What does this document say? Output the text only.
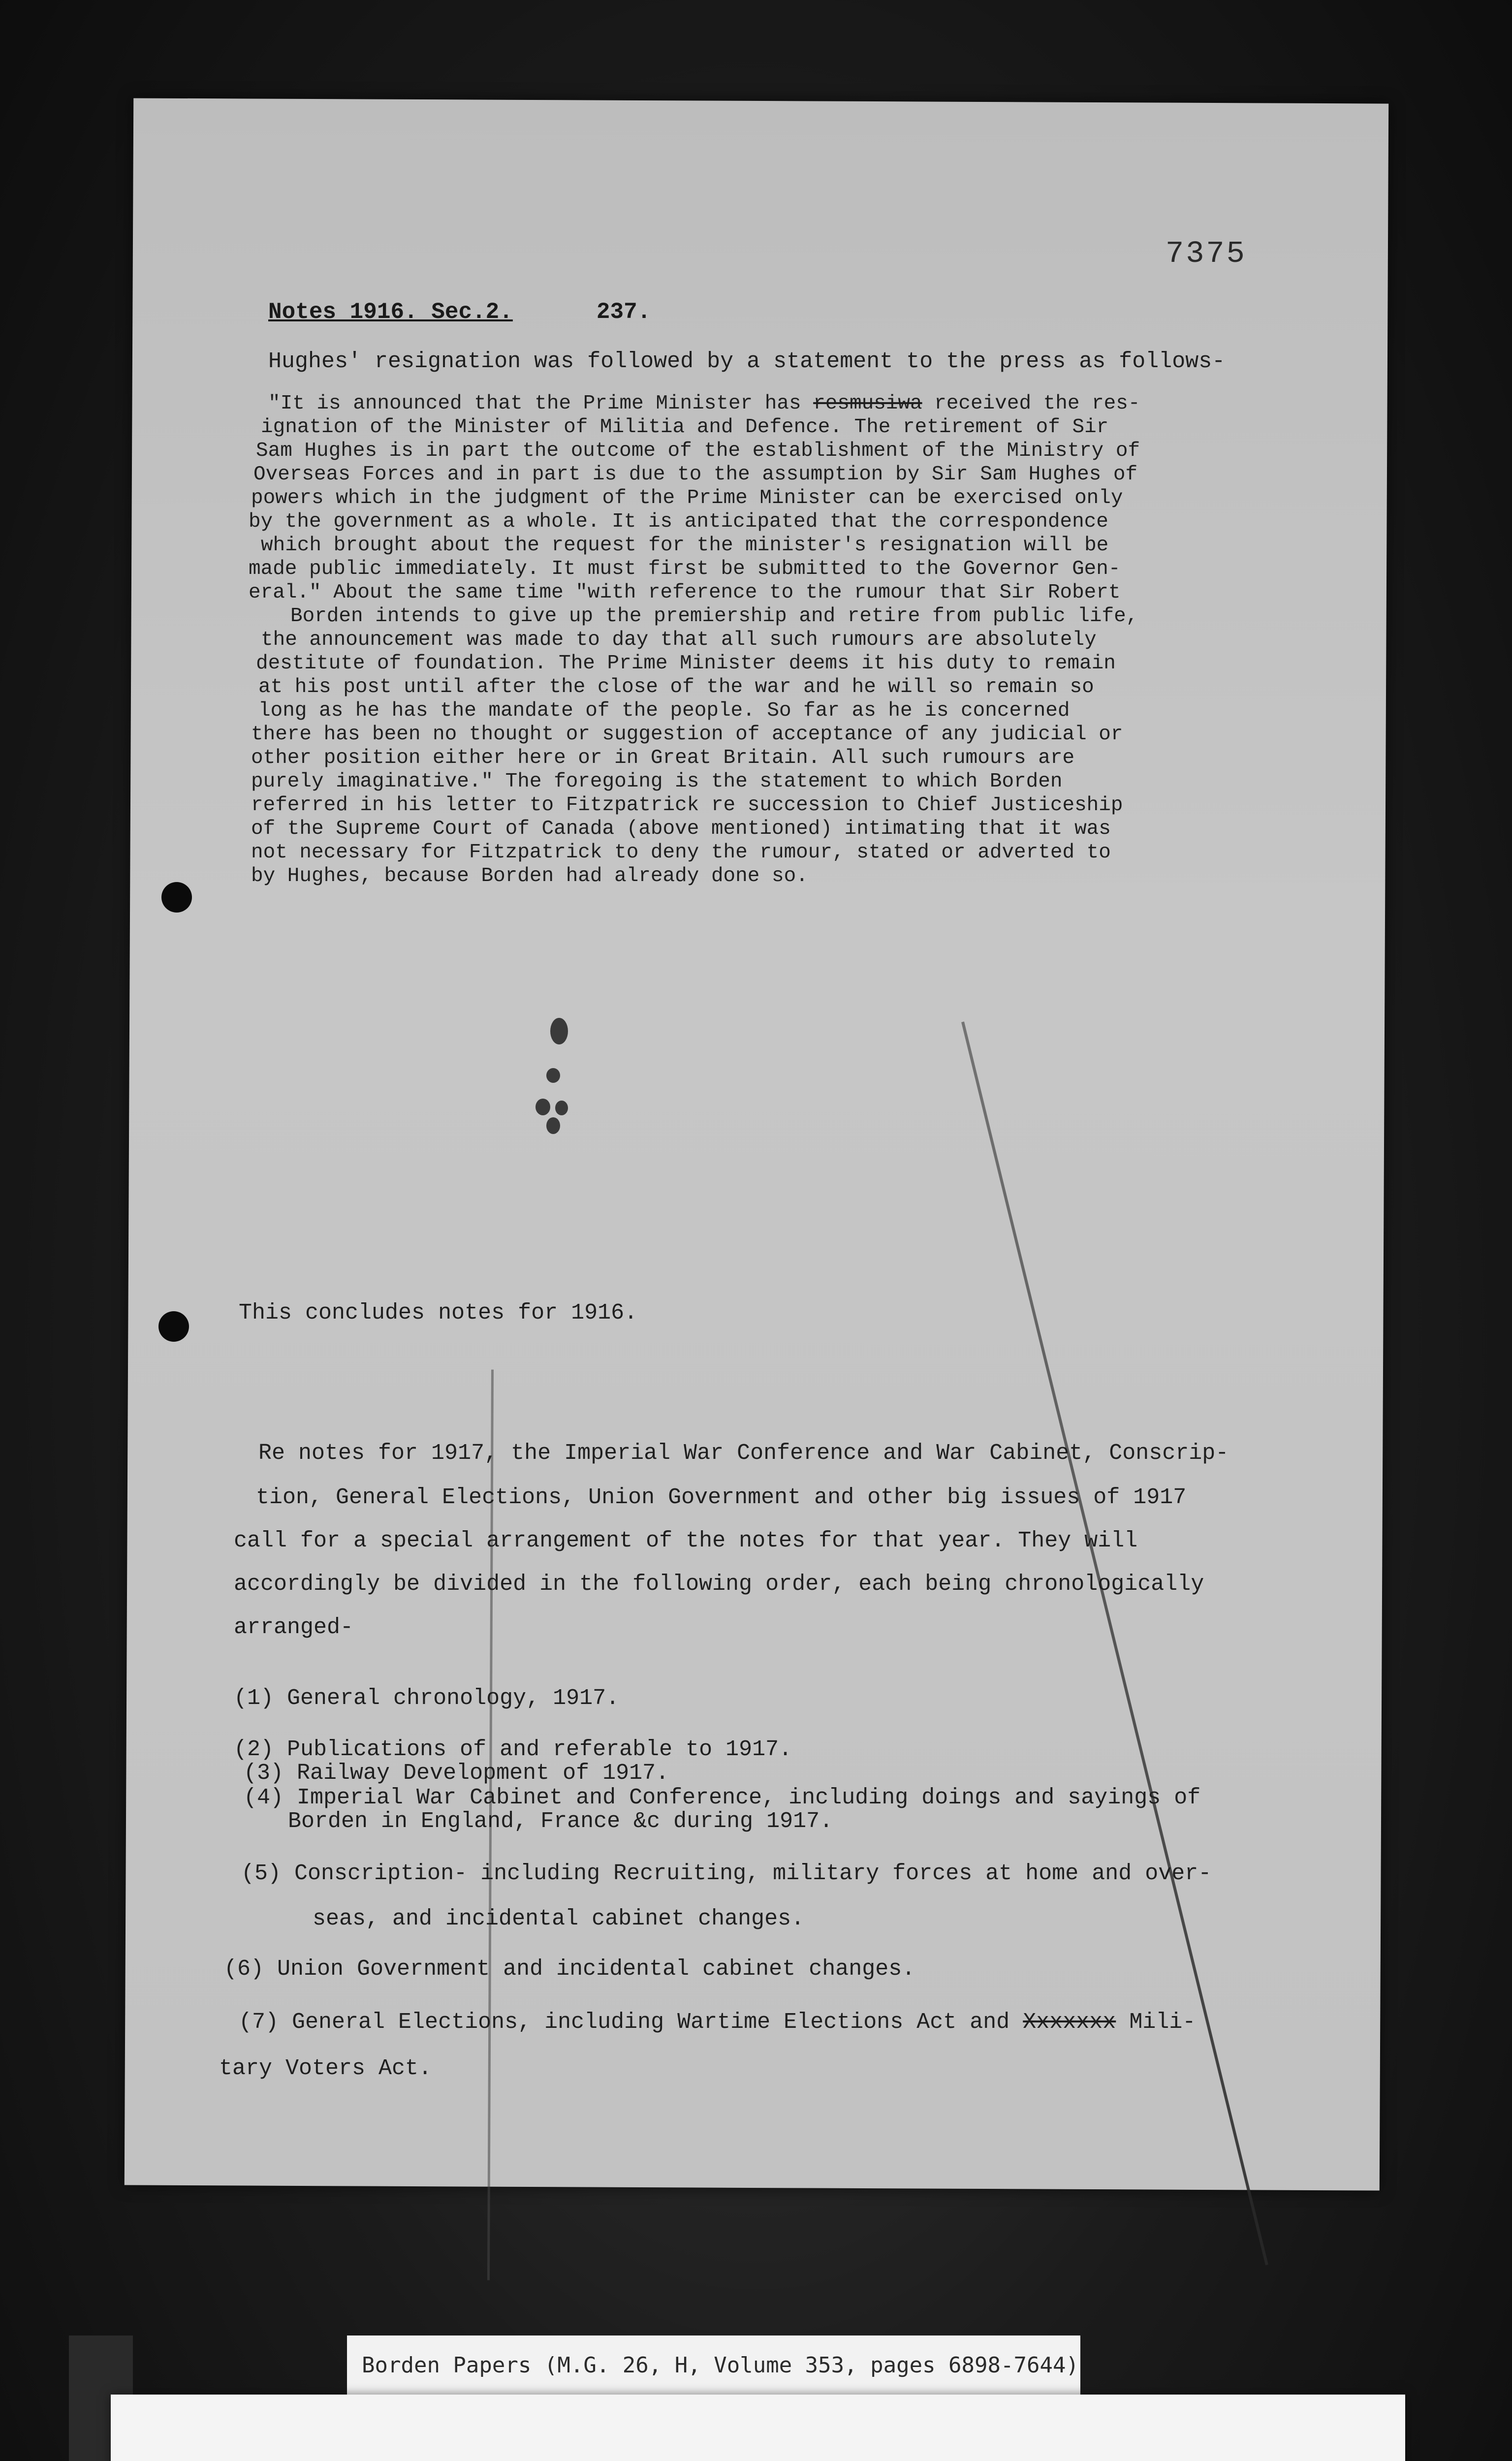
7375
Notes 1916. Sec.2.	237.
Hughes' resignation was followed by a statement to the press as follows-
"It is announced that the Prime Minister has resmusiwa received the res-
ignation of the Minister of Militia and Defence. The retirement of Sir
Sam Hughes is in part the outcome of the establishment of the Ministry of
Overseas Forces and in part is due to the assumption by Sir Sam Hughes of
powers which in the judgment of the Prime Minister can be exercised only
by the government as a whole. It is anticipated that the correspondence
which brought about the request for the minister's resignation will be
made public immediately. It must first be submitted to the Governor Gen-
eral." About the same time "with reference to the rumour that Sir Robert
Borden intends to give up the premiership and retire from public life,
the announcement was made to day that all such rumours are absolutely
destitute of foundation. The Prime Minister deems it his duty to remain
at his post until after the close of the war and he will so remain so
long as he has the mandate of the people. So far as he is concerned
there has been no thought or suggestion of acceptance of any judicial or
other position either here or in Great Britain. All such rumours are
purely imaginative." The foregoing is the statement to which Borden
referred in his letter to Fitzpatrick re succession to Chief Justiceship
of the Supreme Court of Canada (above mentioned) intimating that it was
not necessary for Fitzpatrick to deny the rumour, stated or adverted to
by Hughes, because Borden had already done so.
This concludes notes for 1916.
Re notes for 1917, the Imperial War Conference and War Cabinet, Conscrip-
tion, General Elections, Union Government and other big issues of 1917
call for a special arrangement of the notes for that year. They will
accordingly be divided in the following order, each being chronologically
arranged-
(1) General chronology, 1917.
(2) Publications of and referable to 1917.
(3) Railway Development of 1917.
(4) Imperial War Cabinet and Conference, including doings and sayings of
Borden in England, France &c during 1917.
(5) Conscription- including Recruiting, military forces at home and over-
seas, and incidental cabinet changes.
(6) Union Government and incidental cabinet changes.
(7) General Elections, including Wartime Elections Act and Xxxxxxx Mili-
tary Voters Act.
Borden Papers (M.G. 26, H, Volume 353, pages 6898-7644)
